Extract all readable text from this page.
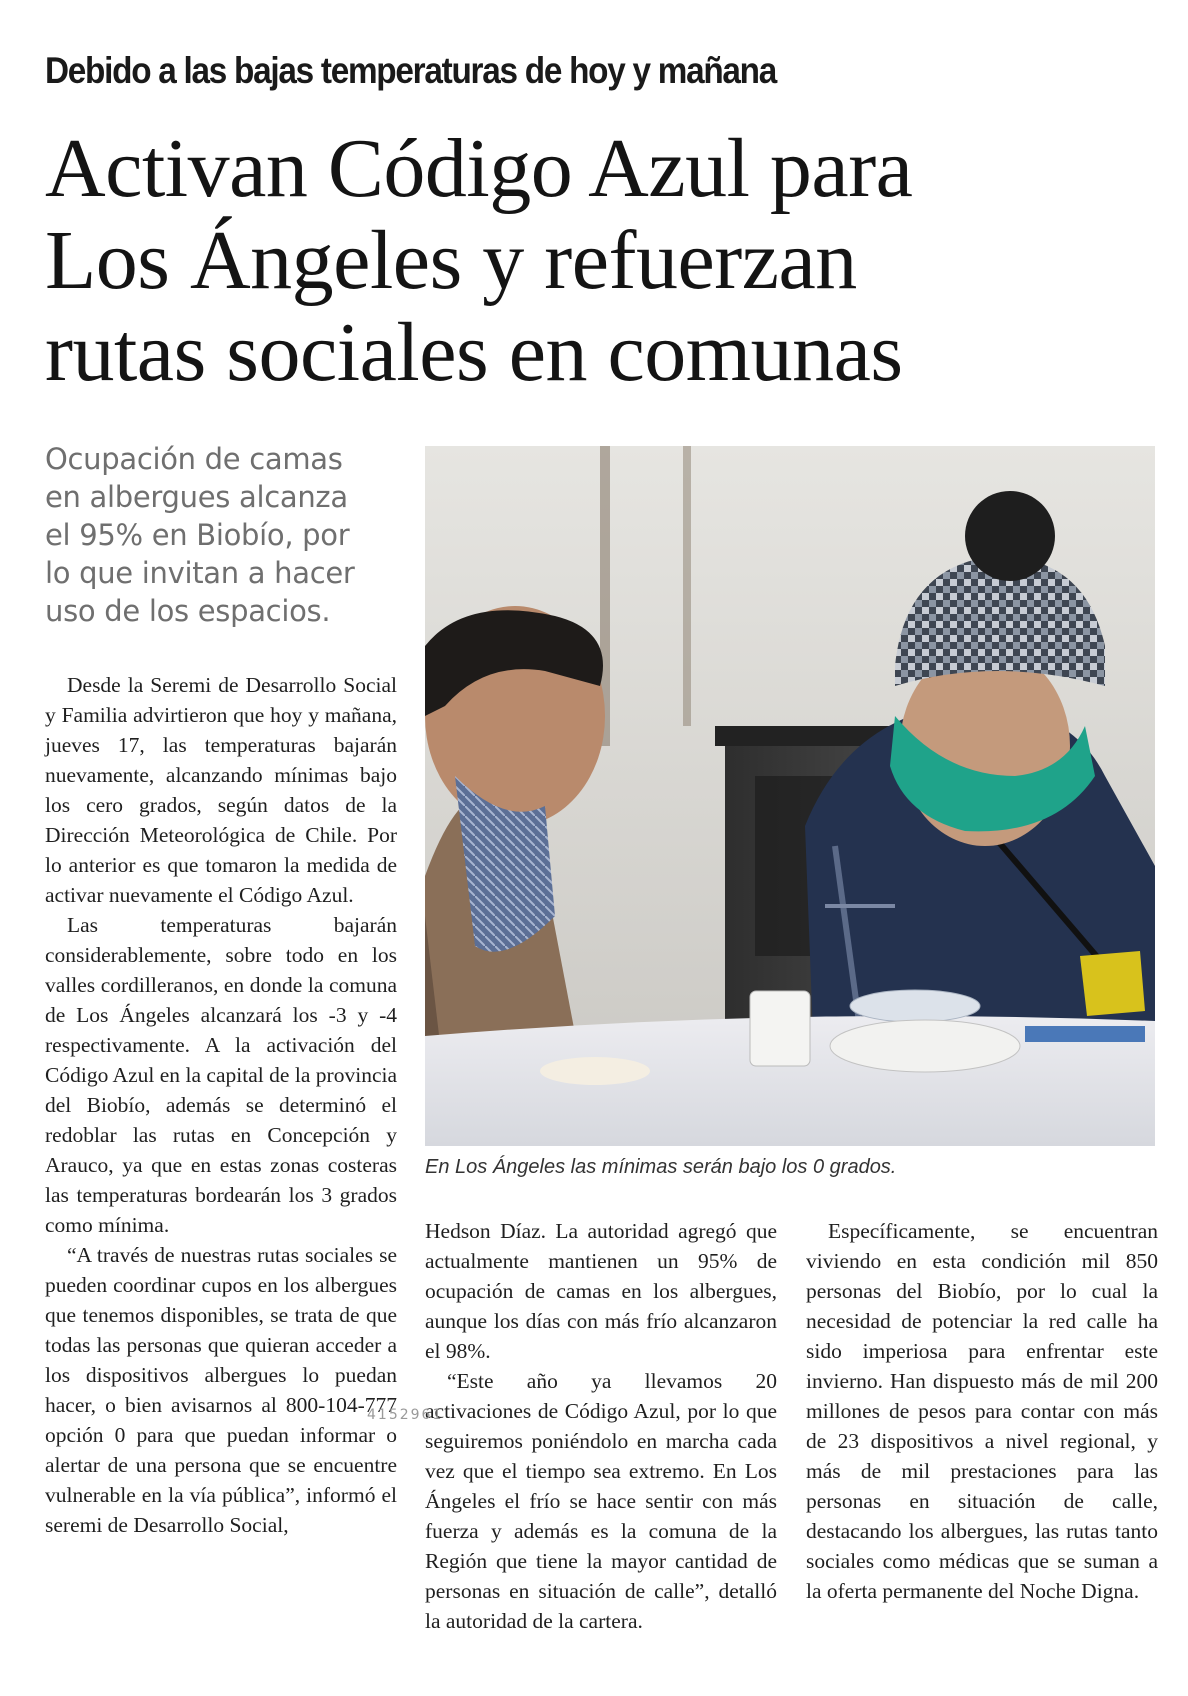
Debido a las bajas temperaturas de hoy y mañana
Activan Código Azul para
Los Ángeles y refuerzan
rutas sociales en comunas
Ocupación de camas
en albergues alcanza
el 95% en Biobío, por
lo que invitan a hacer
uso de los espacios.
En Los Ángeles las mínimas serán bajo los 0 grados.

Desde la Seremi de Desarrollo Social y Familia advirtieron que hoy y mañana, jueves 17, las temperaturas bajarán nuevamente, alcanzando mínimas bajo los cero grados, según datos de la Dirección Meteorológica de Chile. Por lo anterior es que tomaron la medida de activar nuevamente el Código Azul.

Las temperaturas bajarán considerablemente, sobre todo en los valles cordilleranos, en donde la comuna de Los Ángeles alcanzará los -3 y -4 respectivamente. A la activación del Código Azul en la capital de la provincia del Biobío, además se determinó el redoblar las rutas en Concepción y Arauco, ya que en estas zonas costeras las temperaturas bordearán los 3 grados como mínima.

“A través de nuestras rutas sociales se pueden coordinar cupos en los albergues que tenemos disponibles, se trata de que todas las personas que quieran acceder a los dispositivos albergues lo puedan hacer, o bien avisarnos al 800-104-777 opción 0 para que puedan informar o alertar de una persona que se encuentre vulnerable en la vía pública”, informó el seremi de Desarrollo Social,

Hedson Díaz. La autoridad agregó que actualmente mantienen un 95% de ocupación de camas en los albergues, aunque los días con más frío alcanzaron el 98%.

“Este año ya llevamos 20 activaciones de Código Azul, por lo que seguiremos poniéndolo en marcha cada vez que el tiempo sea extremo. En Los Ángeles el frío se hace sentir con más fuerza y además es la comuna de la Región que tiene la mayor cantidad de personas en situación de calle”, detalló la autoridad de la cartera.

Específicamente, se encuentran viviendo en esta condición mil 850 personas del Biobío, por lo cual la necesidad de potenciar la red calle ha sido imperiosa para enfrentar este invierno. Han dispuesto más de mil 200 millones de pesos para contar con más de 23 dispositivos a nivel regional, y más de mil prestaciones para las personas en situación de calle, destacando los albergues, las rutas tanto sociales como médicas que se suman a la oferta permanente del Noche Digna.

4152961
